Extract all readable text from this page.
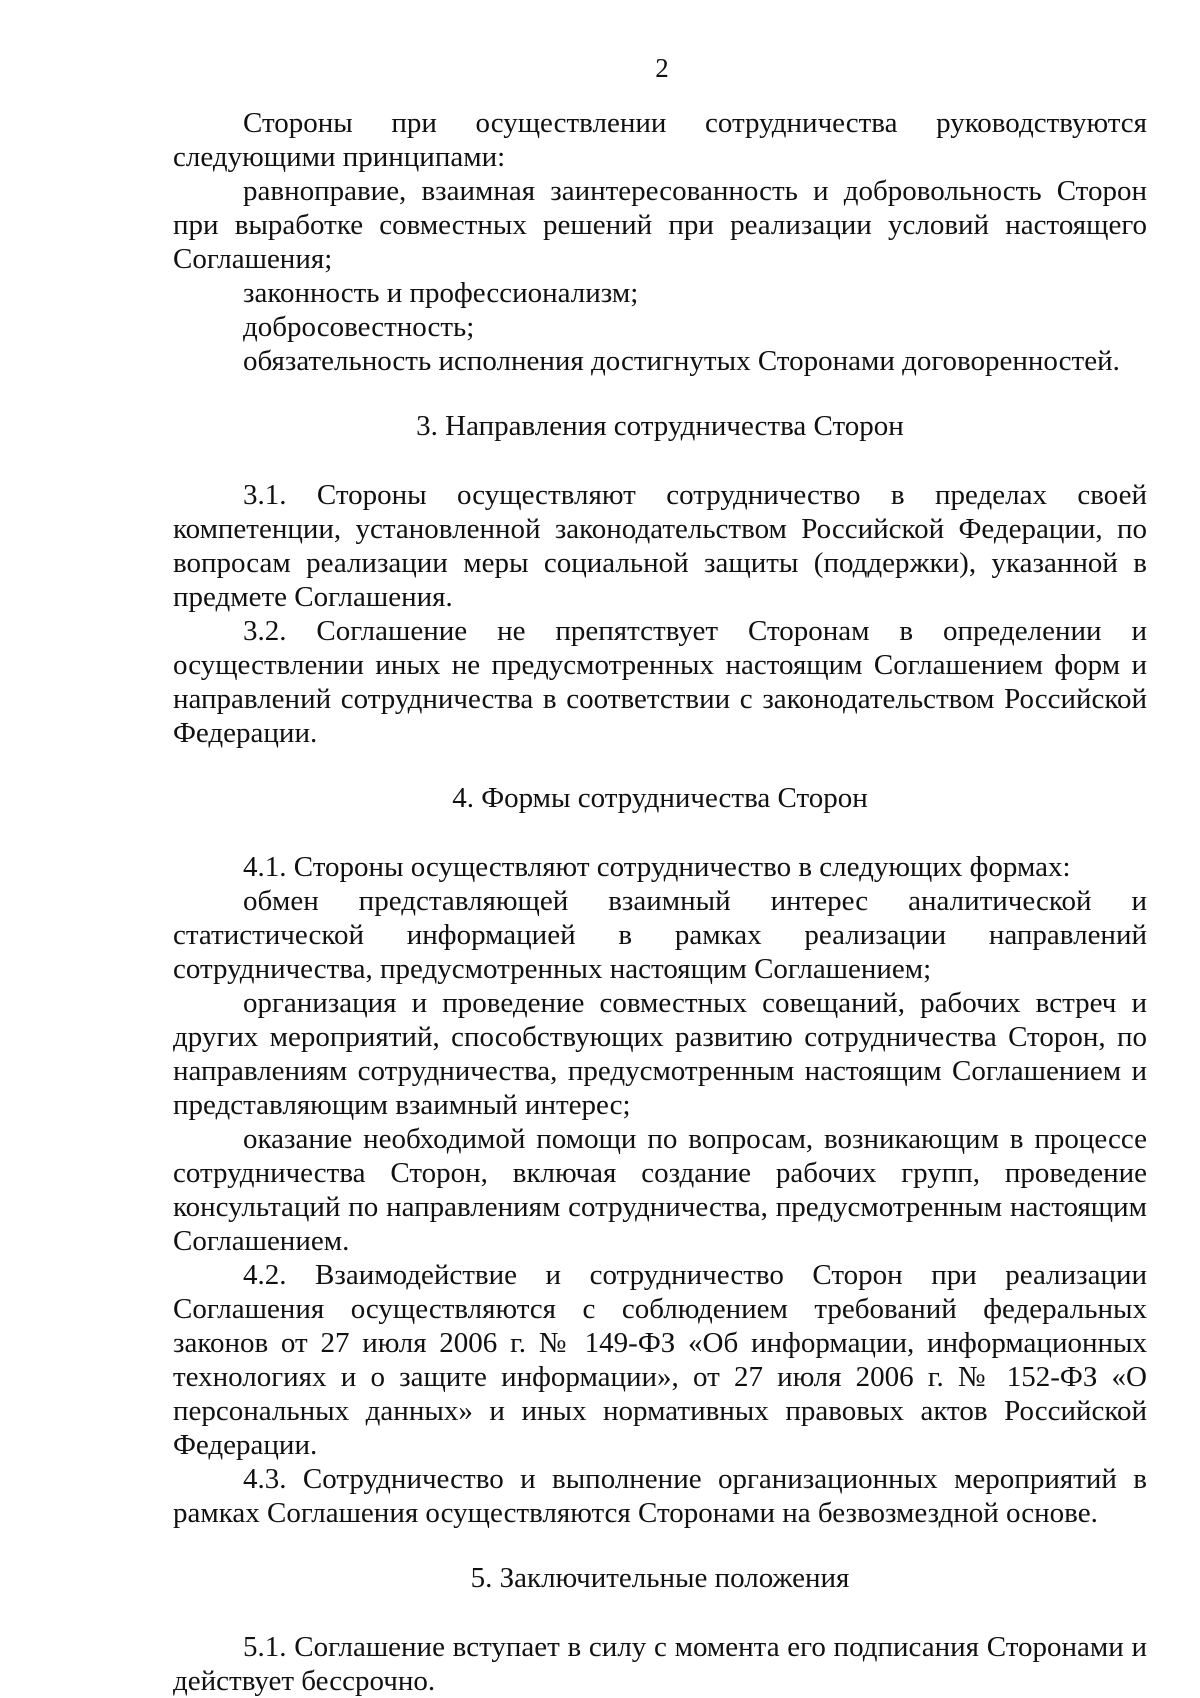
2

Стороны при осуществлении сотрудничества руководствуются следующими принципами:

равноправие, взаимная заинтересованность и добровольность Сторон при выработке совместных решений при реализации условий настоящего Соглашения;

законность и профессионализм;

добросовестность;

обязательность исполнения достигнутых Сторонами договоренностей.

3. Направления сотрудничества Сторон

3.1. Стороны осуществляют сотрудничество в пределах своей компетенции, установленной законодательством Российской Федерации, по вопросам реализации меры социальной защиты (поддержки), указанной в предмете Соглашения.

3.2. Соглашение не препятствует Сторонам в определении и осуществлении иных не предусмотренных настоящим Соглашением форм и направлений сотрудничества в соответствии с законодательством Российской Федерации.

4. Формы сотрудничества Сторон

4.1. Стороны осуществляют сотрудничество в следующих формах:

обмен представляющей взаимный интерес аналитической и статистической информацией в рамках реализации направлений сотрудничества, предусмотренных настоящим Соглашением;

организация и проведение совместных совещаний, рабочих встреч и других мероприятий, способствующих развитию сотрудничества Сторон, по направлениям сотрудничества, предусмотренным настоящим Соглашением и представляющим взаимный интерес;

оказание необходимой помощи по вопросам, возникающим в процессе сотрудничества Сторон, включая создание рабочих групп, проведение консультаций по направлениям сотрудничества, предусмотренным настоящим Соглашением.

4.2. Взаимодействие и сотрудничество Сторон при реализации Соглашения осуществляются с соблюдением требований федеральных законов от 27 июля 2006 г. № 149-ФЗ «Об информации, информационных технологиях и о защите информации», от 27 июля 2006 г. № 152-ФЗ «О персональных данных» и иных нормативных правовых актов Российской Федерации.

4.3. Сотрудничество и выполнение организационных мероприятий в рамках Соглашения осуществляются Сторонами на безвозмездной основе.

5. Заключительные положения

5.1. Соглашение вступает в силу с момента его подписания Сторонами и действует бессрочно.
